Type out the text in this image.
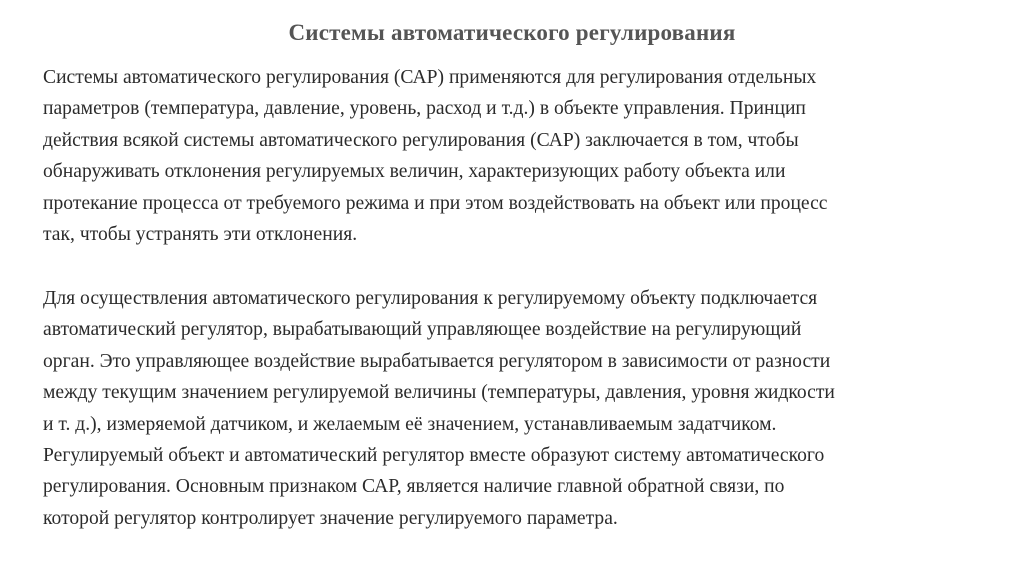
Системы автоматического регулирования
Системы автоматического регулирования (САР) применяются для регулирования отдельных
параметров (температура, давление, уровень, расход и т.д.) в объекте управления. Принцип
действия всякой системы автоматического регулирования (САР) заключается в том, чтобы
обнаруживать отклонения регулируемых величин, характеризующих работу объекта или
протекание процесса от требуемого режима и при этом воздействовать на объект или процесс
так, чтобы устранять эти отклонения.
Для осуществления автоматического регулирования к регулируемому объекту подключается
автоматический регулятор, вырабатывающий управляющее воздействие на регулирующий
орган. Это управляющее воздействие вырабатывается регулятором в зависимости от разности
между текущим значением регулируемой величины (температуры, давления, уровня жидкости
и т. д.), измеряемой датчиком, и желаемым её значением, устанавливаемым задатчиком.
Регулируемый объект и автоматический регулятор вместе образуют систему автоматического
регулирования. Основным признаком САР, является наличие главной обратной связи, по
которой регулятор контролирует значение регулируемого параметра.
